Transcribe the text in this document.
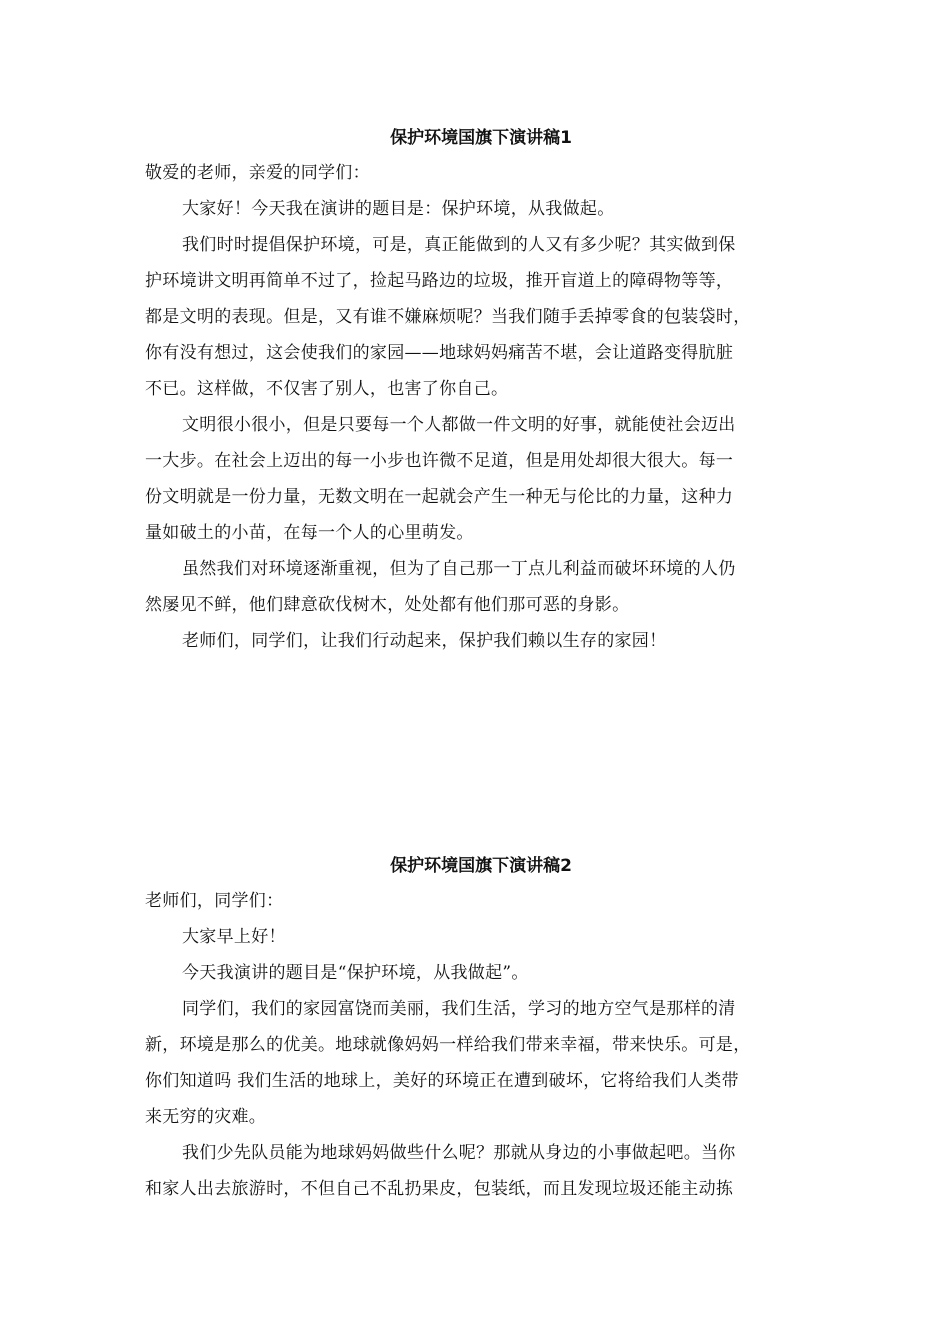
保护环境国旗下演讲稿1
敬爱的老师，亲爱的同学们：
大家好！今天我在演讲的题目是：保护环境，从我做起。
我们时时提倡保护环境，可是，真正能做到的人又有多少呢？其实做到保
护环境讲文明再简单不过了，捡起马路边的垃圾，推开盲道上的障碍物等等，
都是文明的表现。但是，又有谁不嫌麻烦呢？当我们随手丢掉零食的包装袋时，
你有没有想过，这会使我们的家园——地球妈妈痛苦不堪，会让道路变得肮脏
不已。这样做，不仅害了别人，也害了你自己。
文明很小很小，但是只要每一个人都做一件文明的好事，就能使社会迈出
一大步。在社会上迈出的每一小步也许微不足道，但是用处却很大很大。每一
份文明就是一份力量，无数文明在一起就会产生一种无与伦比的力量，这种力
量如破土的小苗，在每一个人的心里萌发。
虽然我们对环境逐渐重视，但为了自己那一丁点儿利益而破坏环境的人仍
然屡见不鲜，他们肆意砍伐树木，处处都有他们那可恶的身影。
老师们，同学们，让我们行动起来，保护我们赖以生存的家园！
保护环境国旗下演讲稿2
老师们，同学们：
大家早上好！
今天我演讲的题目是“保护环境，从我做起”。
同学们，我们的家园富饶而美丽，我们生活，学习的地方空气是那样的清
新，环境是那么的优美。地球就像妈妈一样给我们带来幸福，带来快乐。可是，
你们知道吗 我们生活的地球上，美好的环境正在遭到破坏，它将给我们人类带
来无穷的灾难。
我们少先队员能为地球妈妈做些什么呢？那就从身边的小事做起吧。当你
和家人出去旅游时，不但自己不乱扔果皮，包装纸，而且发现垃圾还能主动拣
